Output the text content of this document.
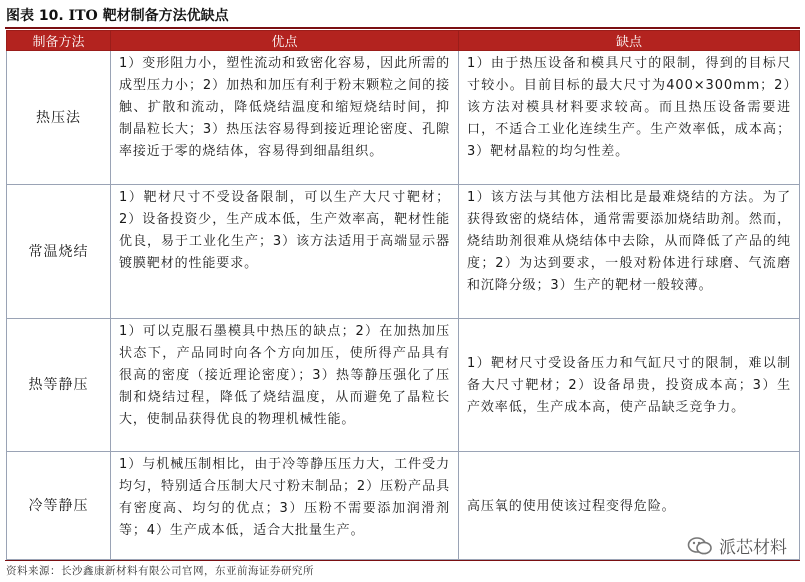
图表 10. ITO 靶材制备方法优缺点
制备方法	优点	缺点
热压法	1）变形阻力小，塑性流动和致密化容易，因此所需的成型压力小；2）加热和加压有利于粉末颗粒之间的接触、扩散和流动，降低烧结温度和缩短烧结时间，抑制晶粒长大；3）热压法容易得到接近理论密度、孔隙率接近于零的烧结体，容易得到细晶组织。	1）由于热压设备和模具尺寸的限制，得到的目标尺寸较小。目前目标的最大尺寸为400×300mm；2）该方法对模具材料要求较高。而且热压设备需要进口，不适合工业化连续生产。生产效率低，成本高；3）靶材晶粒的均匀性差。
常温烧结	1）靶材尺寸不受设备限制，可以生产大尺寸靶材；2）设备投资少，生产成本低，生产效率高，靶材性能优良，易于工业化生产；3）该方法适用于高端显示器镀膜靶材的性能要求。	1）该方法与其他方法相比是最难烧结的方法。为了获得致密的烧结体，通常需要添加烧结助剂。然而，烧结助剂很难从烧结体中去除，从而降低了产品的纯度；2）为达到要求，一般对粉体进行球磨、气流磨和沉降分级；3）生产的靶材一般较薄。
热等静压	1）可以克服石墨模具中热压的缺点；2）在加热加压状态下，产品同时向各个方向加压，使所得产品具有很高的密度（接近理论密度）；3）热等静压强化了压制和烧结过程，降低了烧结温度，从而避免了晶粒长大，使制品获得优良的物理机械性能。	1）靶材尺寸受设备压力和气缸尺寸的限制，难以制备大尺寸靶材；2）设备昂贵，投资成本高；3）生产效率低，生产成本高，使产品缺乏竞争力。
冷等静压	1）与机械压制相比，由于冷等静压压力大，工件受力均匀，特别适合压制大尺寸粉末制品；2）压粉产品具有密度高、均匀的优点；3）压粉不需要添加润滑剂等；4）生产成本低，适合大批量生产。	高压氧的使用使该过程变得危险。
派芯材料
资料来源：长沙鑫康新材料有限公司官网，东亚前海证券研究所
